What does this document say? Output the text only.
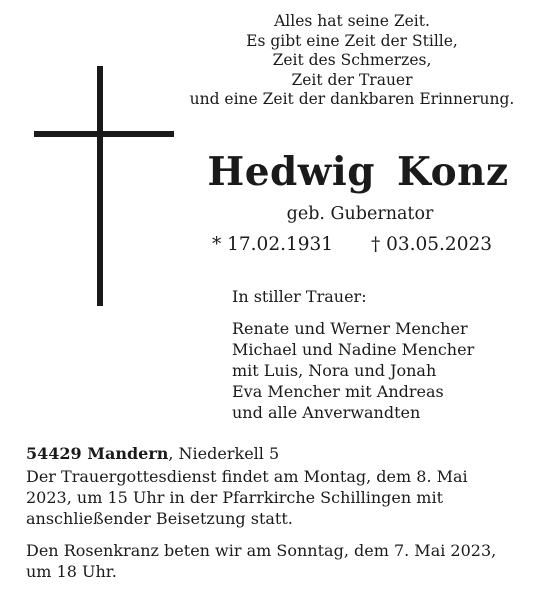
Alles hat seine Zeit.
Es gibt eine Zeit der Stille,
Zeit des Schmerzes,
Zeit der Trauer
und eine Zeit der dankbaren Erinnerung.
Hedwig Konz
geb. Gubernator
* 17.02.1931 † 03.05.2023
In stiller Trauer:
Renate und Werner Mencher
Michael und Nadine Mencher
mit Luis, Nora und Jonah
Eva Mencher mit Andreas
und alle Anverwandten
54429 Mandern, Niederkell 5
Der Trauergottesdienst findet am Montag, dem 8. Mai
2023, um 15 Uhr in der Pfarrkirche Schillingen mit
anschließender Beisetzung statt.
Den Rosenkranz beten wir am Sonntag, dem 7. Mai 2023,
um 18 Uhr.
